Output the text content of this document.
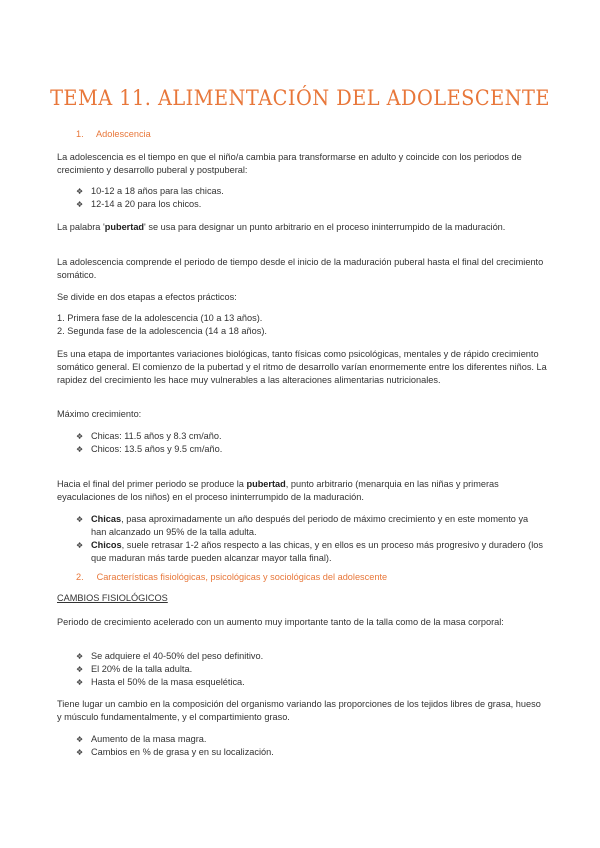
TEMA 11. ALIMENTACIÓN DEL ADOLESCENTE

1. Adolescencia

La adolescencia es el tiempo en que el niño/a cambia para transformarse en adulto y coincide con los periodos de crecimiento y desarrollo puberal y postpuberal:

❖ 10-12 a 18 años para las chicas.
❖ 12-14 a 20 para los chicos.

La palabra 'pubertad' se usa para designar un punto arbitrario en el proceso ininterrumpido de la maduración.

La adolescencia comprende el periodo de tiempo desde el inicio de la maduración puberal hasta el final del crecimiento somático.

Se divide en dos etapas a efectos prácticos:

1. Primera fase de la adolescencia (10 a 13 años).
2. Segunda fase de la adolescencia (14 a 18 años).

Es una etapa de importantes variaciones biológicas, tanto físicas como psicológicas, mentales y de rápido crecimiento somático general. El comienzo de la pubertad y el ritmo de desarrollo varían enormemente entre los diferentes niños. La rapidez del crecimiento les hace muy vulnerables a las alteraciones alimentarias nutricionales.

Máximo crecimiento:

❖ Chicas: 11.5 años y 8.3 cm/año.
❖ Chicos: 13.5 años y 9.5 cm/año.

Hacia el final del primer periodo se produce la pubertad, punto arbitrario (menarquia en las niñas y primeras eyaculaciones de los niños) en el proceso ininterrumpido de la maduración.

❖ Chicas, pasa aproximadamente un año después del periodo de máximo crecimiento y en este momento ya han alcanzado un 95% de la talla adulta.
❖ Chicos, suele retrasar 1-2 años respecto a las chicas, y en ellos es un proceso más progresivo y duradero (los que maduran más tarde pueden alcanzar mayor talla final).

2. Características fisiológicas, psicológicas y sociológicas del adolescente

CAMBIOS FISIOLÓGICOS

Periodo de crecimiento acelerado con un aumento muy importante tanto de la talla como de la masa corporal:

❖ Se adquiere el 40-50% del peso definitivo.
❖ El 20% de la talla adulta.
❖ Hasta el 50% de la masa esquelética.

Tiene lugar un cambio en la composición del organismo variando las proporciones de los tejidos libres de grasa, hueso y músculo fundamentalmente, y el compartimiento graso.

❖ Aumento de la masa magra.
❖ Cambios en % de grasa y en su localización.
